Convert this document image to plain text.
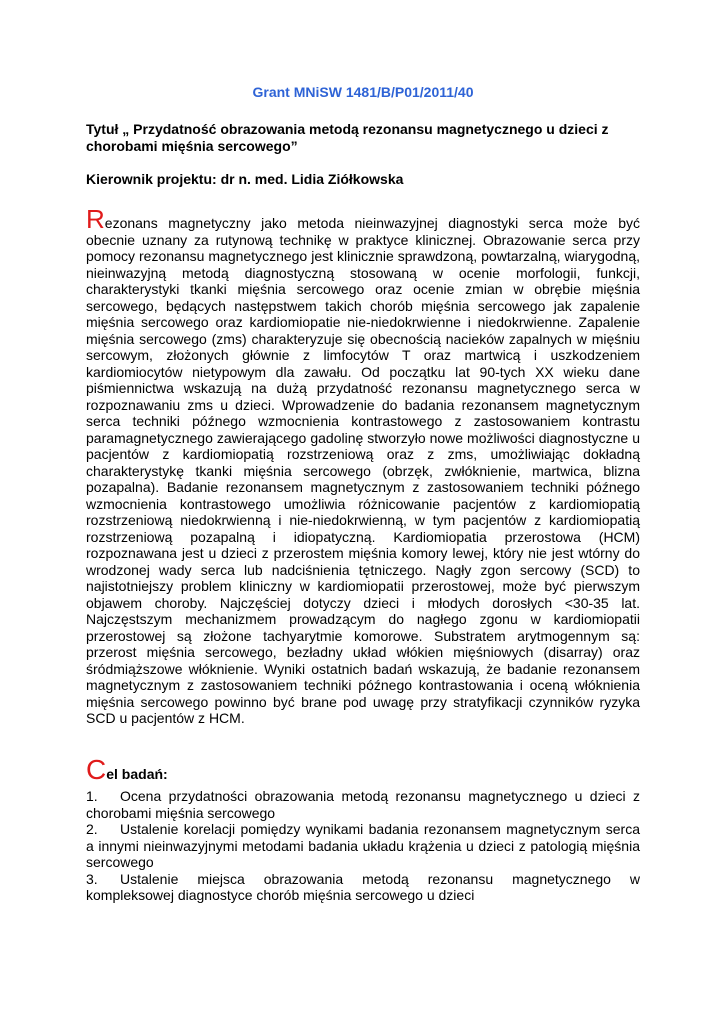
Grant MNiSW 1481/B/P01/2011/40

Tytuł „ Przydatność obrazowania metodą rezonansu magnetycznego u dzieci z chorobami mięśnia sercowego”

Kierownik projektu: dr n. med. Lidia Ziółkowska

Rezonans magnetyczny jako metoda nieinwazyjnej diagnostyki serca może być obecnie uznany za rutynową technikę w praktyce klinicznej. Obrazowanie serca przy pomocy rezonansu magnetycznego jest klinicznie sprawdzoną, powtarzalną, wiarygodną, nieinwazyjną metodą diagnostyczną stosowaną w ocenie morfologii, funkcji, charakterystyki tkanki mięśnia sercowego oraz ocenie zmian w obrębie mięśnia sercowego, będących następstwem takich chorób mięśnia sercowego jak zapalenie mięśnia sercowego oraz kardiomiopatie nie-niedokrwienne i niedokrwienne. Zapalenie mięśnia sercowego (zms) charakteryzuje się obecnością nacieków zapalnych w mięśniu sercowym, złożonych głównie z limfocytów T oraz martwicą i uszkodzeniem kardiomiocytów nietypowym dla zawału. Od początku lat 90-tych XX wieku dane piśmiennictwa wskazują na dużą przydatność rezonansu magnetycznego serca w rozpoznawaniu zms u dzieci. Wprowadzenie do badania rezonansem magnetycznym serca techniki późnego wzmocnienia kontrastowego z zastosowaniem kontrastu paramagnetycznego zawierającego gadolinę stworzyło nowe możliwości diagnostyczne u pacjentów z kardiomiopatią rozstrzeniową oraz z zms, umożliwiając dokładną charakterystykę tkanki mięśnia sercowego (obrzęk, zwłóknienie, martwica, blizna pozapalna). Badanie rezonansem magnetycznym z zastosowaniem techniki późnego wzmocnienia kontrastowego umożliwia różnicowanie pacjentów z kardiomiopatią rozstrzeniową niedokrwienną i nie-niedokrwienną, w tym pacjentów z kardiomiopatią rozstrzeniową pozapalną i idiopatyczną. Kardiomiopatia przerostowa (HCM) rozpoznawana jest u dzieci z przerostem mięśnia komory lewej, który nie jest wtórny do wrodzonej wady serca lub nadciśnienia tętniczego. Nagły zgon sercowy (SCD) to najistotniejszy problem kliniczny w kardiomiopatii przerostowej, może być pierwszym objawem choroby. Najczęściej dotyczy dzieci i młodych dorosłych <30-35 lat. Najczęstszym mechanizmem prowadzącym do nagłego zgonu w kardiomiopatii przerostowej są złożone tachyarytmie komorowe. Substratem arytmogennym są: przerost mięśnia sercowego, bezładny układ włókien mięśniowych (disarray) oraz śródmiąższowe włóknienie. Wyniki ostatnich badań wskazują, że badanie rezonansem magnetycznym z zastosowaniem techniki późnego kontrastowania i oceną włóknienia mięśnia sercowego powinno być brane pod uwagę przy stratyfikacji czynników ryzyka SCD u pacjentów z HCM.

Cel badań:

1. Ocena przydatności obrazowania metodą rezonansu magnetycznego u dzieci z chorobami mięśnia sercowego
2. Ustalenie korelacji pomiędzy wynikami badania rezonansem magnetycznym serca a innymi nieinwazyjnymi metodami badania układu krążenia u dzieci z patologią mięśnia sercowego
3. Ustalenie miejsca obrazowania metodą rezonansu magnetycznego w kompleksowej diagnostyce chorób mięśnia sercowego u dzieci
